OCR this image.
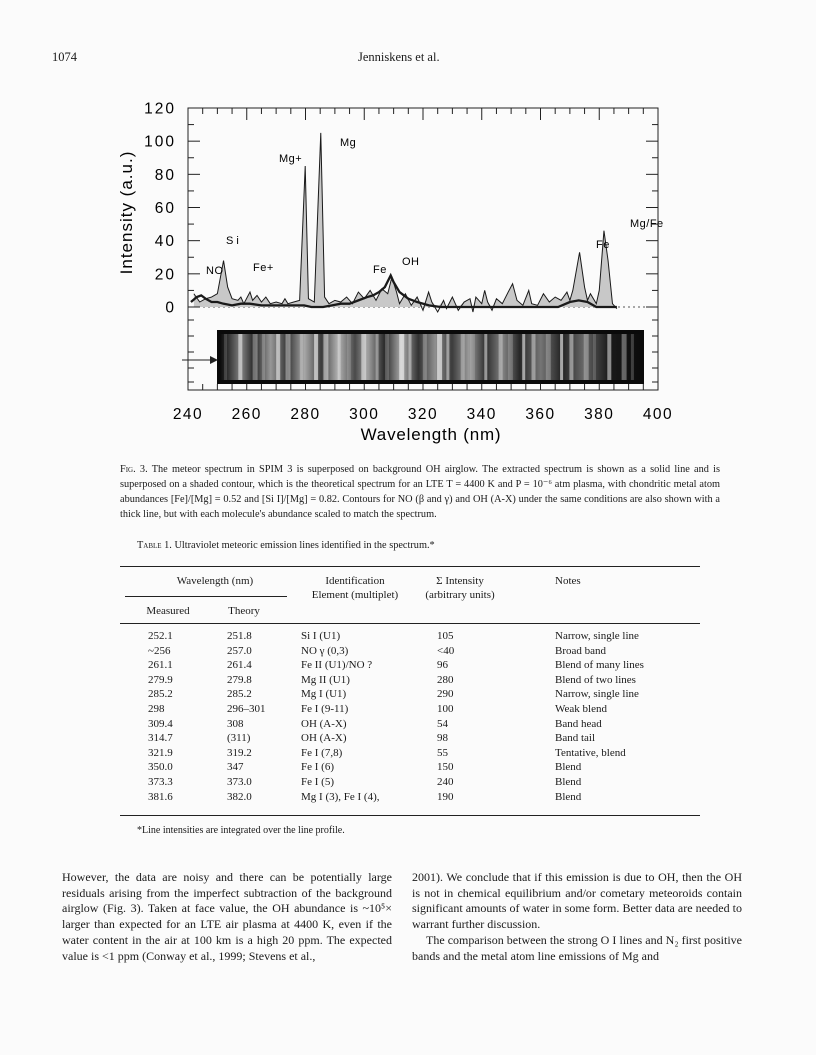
1074	Jenniskens et al.
240 260 280 300 320 340 360 380 400
0
20
40
60
80
100
120
Wavelength (nm)
Intensity (a.u.)	NO
Si
Fe+
Mg+
Mg
Fe
OH
Fe
Mg/Fe
Fig. 3. The meteor spectrum in SPIM 3 is superposed on background OH airglow. The extracted spectrum is shown as a solid line and is superposed on a shaded contour, which is the theoretical spectrum for an LTE T = 4400 K and P = 10⁻⁶ atm plasma, with chondritic metal atom abundances [Fe]/[Mg] = 0.52 and [Si I]/[Mg] = 0.82. Contours for NO (β and γ) and OH (A-X) under the same conditions are also shown with a thick line, but with each molecule's abundance scaled to match the spectrum.
Table 1. Ultraviolet meteoric emission lines identified in the spectrum.*
Wavelength (nm)
Measured	Theory
Identification
Element (multiplet)
Σ Intensity
(arbitrary units)
Notes
252.1	251.8	Si I (U1)	105	Narrow, single line
~256	257.0	NO γ (0,3)	<40	Broad band
261.1	261.4	Fe II (U1)/NO ?	96	Blend of many lines
279.9	279.8	Mg II (U1)	280	Blend of two lines
285.2	285.2	Mg I (U1)	290	Narrow, single line
298	296–301	Fe I (9-11)	100	Weak blend
309.4	308	OH (A-X)	54	Band head
314.7	(311)	OH (A-X)	98	Band tail
321.9	319.2	Fe I (7,8)	55	Tentative, blend
350.0	347	Fe I (6)	150	Blend
373.3	373.0	Fe I (5)	240	Blend
381.6	382.0	Mg I (3), Fe I (4),	190	Blend
*Line intensities are integrated over the line profile.

However, the data are noisy and there can be potentially large residuals arising from the imperfect subtraction of the background airglow (Fig. 3). Taken at face value, the OH abundance is ~10⁵× larger than expected for an LTE air plasma at 4400 K, even if the water content in the air at 100 km is a high 20 ppm. The expected value is <1 ppm (Conway et al., 1999; Stevens et al.,

2001). We conclude that if this emission is due to OH, then the OH is not in chemical equilibrium and/or cometary meteoroids contain significant amounts of water in some form. Better data are needed to warrant further discussion.

The comparison between the strong O I lines and N₂ first positive bands and the metal atom line emissions of Mg and
